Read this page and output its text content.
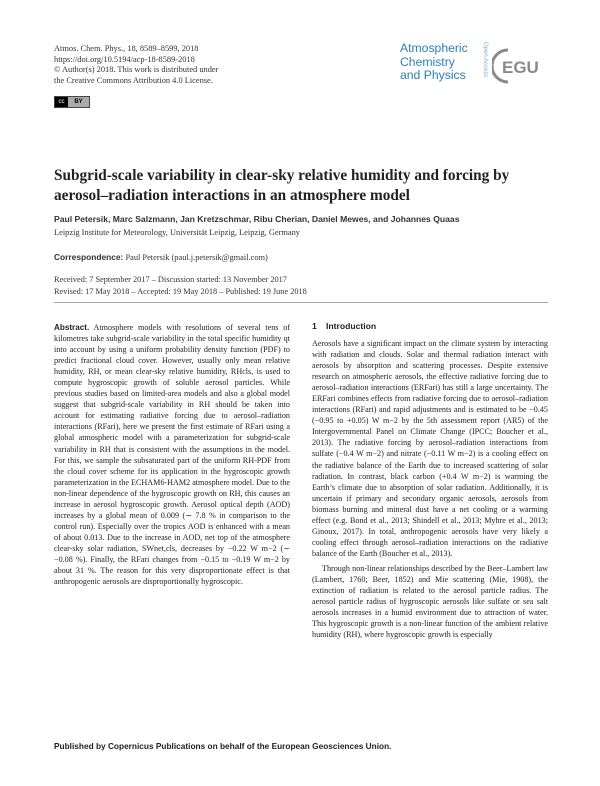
Atmos. Chem. Phys., 18, 8589–8599, 2018
https://doi.org/10.5194/acp-18-8589-2018
© Author(s) 2018. This work is distributed under
the Creative Commons Attribution 4.0 License.
cc	BY
Atmospheric
Chemistry
and Physics	Open Access EGU
Subgrid-scale variability in clear-sky relative humidity and forcing by aerosol–radiation interactions in an atmosphere model
Paul Petersik, Marc Salzmann, Jan Kretzschmar, Ribu Cherian, Daniel Mewes, and Johannes Quaas
Leipzig Institute for Meteorology, Universität Leipzig, Leipzig, Germany
Correspondence: Paul Petersik (paul.j.petersik@gmail.com)
Received: 7 September 2017 – Discussion started: 13 November 2017
Revised: 17 May 2018 – Accepted: 19 May 2018 – Published: 19 June 2018

Abstract. Atmosphere models with resolutions of several tens of kilometres take subgrid-scale variability in the total specific humidity qt into account by using a uniform probability density function (PDF) to predict fractional cloud cover. However, usually only mean relative humidity, RH, or mean clear-sky relative humidity, RHcls, is used to compute hygroscopic growth of soluble aerosol particles. While previous studies based on limited-area models and also a global model suggest that subgrid-scale variability in RH should be taken into account for estimating radiative forcing due to aerosol–radiation interactions (RFari), here we present the first estimate of RFari using a global atmospheric model with a parameterization for subgrid-scale variability in RH that is consistent with the assumptions in the model. For this, we sample the subsaturated part of the uniform RH-PDF from the cloud cover scheme for its application in the hygroscopic growth parameterization in the ECHAM6-HAM2 atmosphere model. Due to the non-linear dependence of the hygroscopic growth on RH, this causes an increase in aerosol hygroscopic growth. Aerosol optical depth (AOD) increases by a global mean of 0.009 (∼ 7.8 % in comparison to the control run). Especially over the tropics AOD is enhanced with a mean of about 0.013. Due to the increase in AOD, net top of the atmosphere clear-sky solar radiation, SWnet,cls, decreases by −0.22 W m−2 (∼ −0.08 %). Finally, the RFari changes from −0.15 to −0.19 W m−2 by about 31 %. The reason for this very disproportionate effect is that anthropogenic aerosols are disproportionally hygroscopic.

1 Introduction

Aerosols have a significant impact on the climate system by interacting with radiation and clouds. Solar and thermal radiation interact with aerosols by absorption and scattering processes. Despite extensive research on atmospheric aerosols, the effective radiative forcing due to aerosol–radiation interactions (ERFari) has still a large uncertainty. The ERFari combines effects from radiative forcing due to aerosol–radiation interactions (RFari) and rapid adjustments and is estimated to be −0.45 (−0.95 to +0.05) W m−2 by the 5th assessment report (AR5) of the Intergovernmental Panel on Climate Change (IPCC; Boucher et al., 2013). The radiative forcing by aerosol–radiation interactions from sulfate (−0.4 W m−2) and nitrate (−0.11 W m−2) is a cooling effect on the radiative balance of the Earth due to increased scattering of solar radiation. In contrast, black carbon (+0.4 W m−2) is warming the Earth’s climate due to absorption of solar radiation. Additionally, it is uncertain if primary and secondary organic aerosols, aerosols from biomass burning and mineral dust have a net cooling or a warming effect (e.g. Bond et al., 2013; Shindell et al., 2013; Myhre et al., 2013; Ginoux, 2017). In total, anthropogenic aerosols have very likely a cooling effect through aerosol–radiation interactions on the radiative balance of the Earth (Boucher et al., 2013).

Through non-linear relationships described by the Beer–Lambert law (Lambert, 1760; Beer, 1852) and Mie scattering (Mie, 1908), the extinction of radiation is related to the aerosol particle radius. The aerosol particle radius of hygroscopic aerosols like sulfate or sea salt aerosols increases in a humid environment due to attraction of water. This hygroscopic growth is a non-linear function of the ambient relative humidity (RH), where hygroscopic growth is especially

Published by Copernicus Publications on behalf of the European Geosciences Union.
